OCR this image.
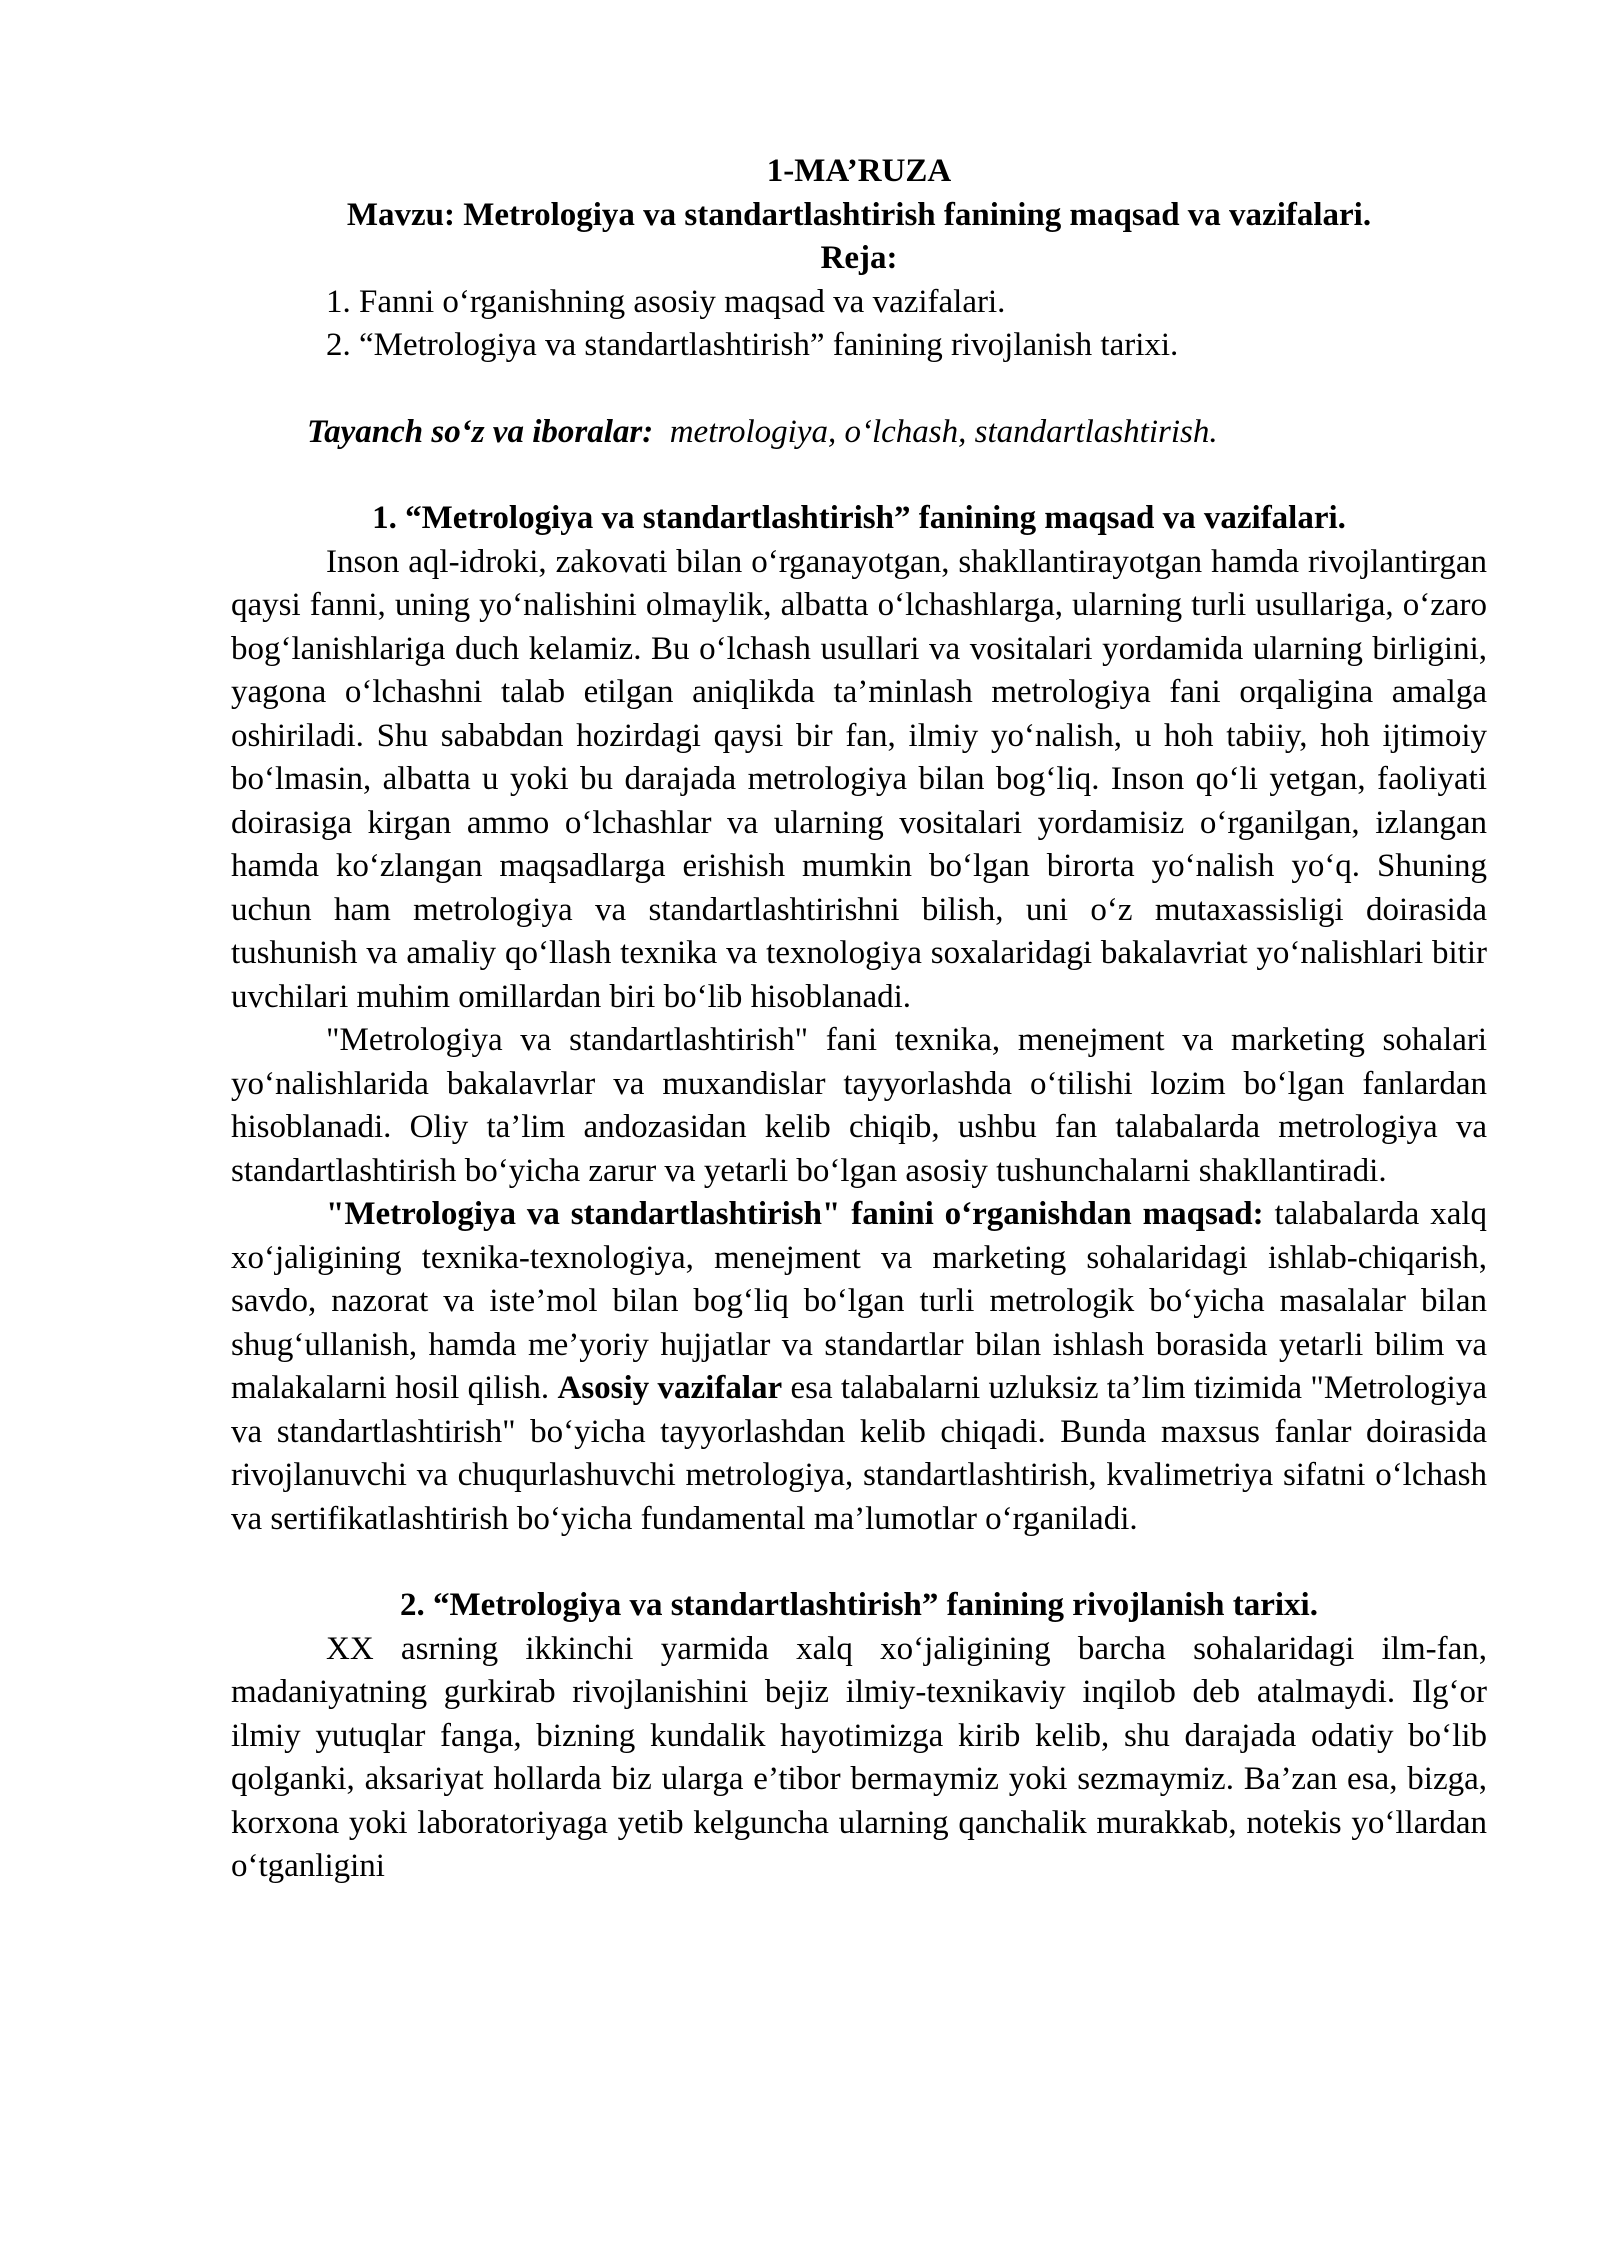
1-MA’RUZA
Mavzu: Metrologiya va standartlashtirish fanining maqsad va vazifalari.
Reja:
1. Fanni o‘rganishning asosiy maqsad va vazifalari.
2. “Metrologiya va standartlashtirish” fanining rivojlanish tarixi.
Tayanch so‘z va iboralar: metrologiya, o‘lchash, standartlashtirish.
1. “Metrologiya va standartlashtirish” fanining maqsad va vazifalari.

Inson aql-idroki, zakovati bilan o‘rganayotgan, shakllantirayotgan hamda rivojlantirgan qaysi fanni, uning yo‘nalishini olmaylik, albatta o‘lchashlarga, ularning turli usullariga, o‘zaro bog‘lanishlariga duch kelamiz. Bu o‘lchash usullari va vositalari yordamida ularning birligini, yagona o‘lchashni talab etilgan aniqlikda ta’minlash metrologiya fani orqaligina amalga oshiriladi. Shu sababdan hozirdagi qaysi bir fan, ilmiy yo‘nalish, u hoh tabiiy, hoh ijtimoiy bo‘lmasin, albatta u yoki bu darajada metrologiya bilan bog‘liq. Inson qo‘li yetgan, faoliyati doirasiga kirgan ammo o‘lchashlar va ularning vositalari yordamisiz o‘rganilgan, izlangan hamda ko‘zlangan maqsadlarga erishish mumkin bo‘lgan birorta yo‘nalish yo‘q. Shuning uchun ham metrologiya va standartlashtirishni bilish, uni o‘z mutaxassisligi doirasida tushunish va amaliy qo‘llash texnika va texnologiya soxalaridagi bakalavriat yo‘nalishlari bitir uvchilari muhim omillardan biri bo‘lib hisoblanadi.

"Metrologiya va standartlashtirish" fani texnika, menejment va marketing sohalari yo‘nalishlarida bakalavrlar va muxandislar tayyorlashda o‘tilishi lozim bo‘lgan fanlardan hisoblanadi. Oliy ta’lim andozasidan kelib chiqib, ushbu fan talabalarda metrologiya va standartlashtirish bo‘yicha zarur va yetarli bo‘lgan asosiy tushunchalarni shakllantiradi.

"Metrologiya va standartlashtirish" fanini o‘rganishdan maqsad: talabalarda xalq xo‘jaligining texnika-texnologiya, menejment va marketing sohalaridagi ishlab-chiqarish, savdo, nazorat va iste’mol bilan bog‘liq bo‘lgan turli metrologik bo‘yicha masalalar bilan shug‘ullanish, hamda me’yoriy hujjatlar va standartlar bilan ishlash borasida yetarli bilim va malakalarni hosil qilish. Asosiy vazifalar esa talabalarni uzluksiz ta’lim tizimida "Metrologiya va standartlashtirish" bo‘yicha tayyorlashdan kelib chiqadi. Bunda maxsus fanlar doirasida rivojlanuvchi va chuqurlashuvchi metrologiya, standartlashtirish, kvalimetriya sifatni o‘lchash va sertifikatlashtirish bo‘yicha fundamental ma’lumotlar o‘rganiladi.

2. “Metrologiya va standartlashtirish” fanining rivojlanish tarixi.

XX asrning ikkinchi yarmida xalq xo‘jaligining barcha sohalaridagi ilm-fan, madaniyatning gurkirab rivojlanishini bejiz ilmiy-texnikaviy inqilob deb atalmaydi. Ilg‘or ilmiy yutuqlar fanga, bizning kundalik hayotimizga kirib kelib, shu darajada odatiy bo‘lib qolganki, aksariyat hollarda biz ularga e’tibor bermaymiz yoki sezmaymiz. Ba’zan esa, bizga, korxona yoki laboratoriyaga yetib kelguncha ularning qanchalik murakkab, notekis yo‘llardan o‘tganligini
